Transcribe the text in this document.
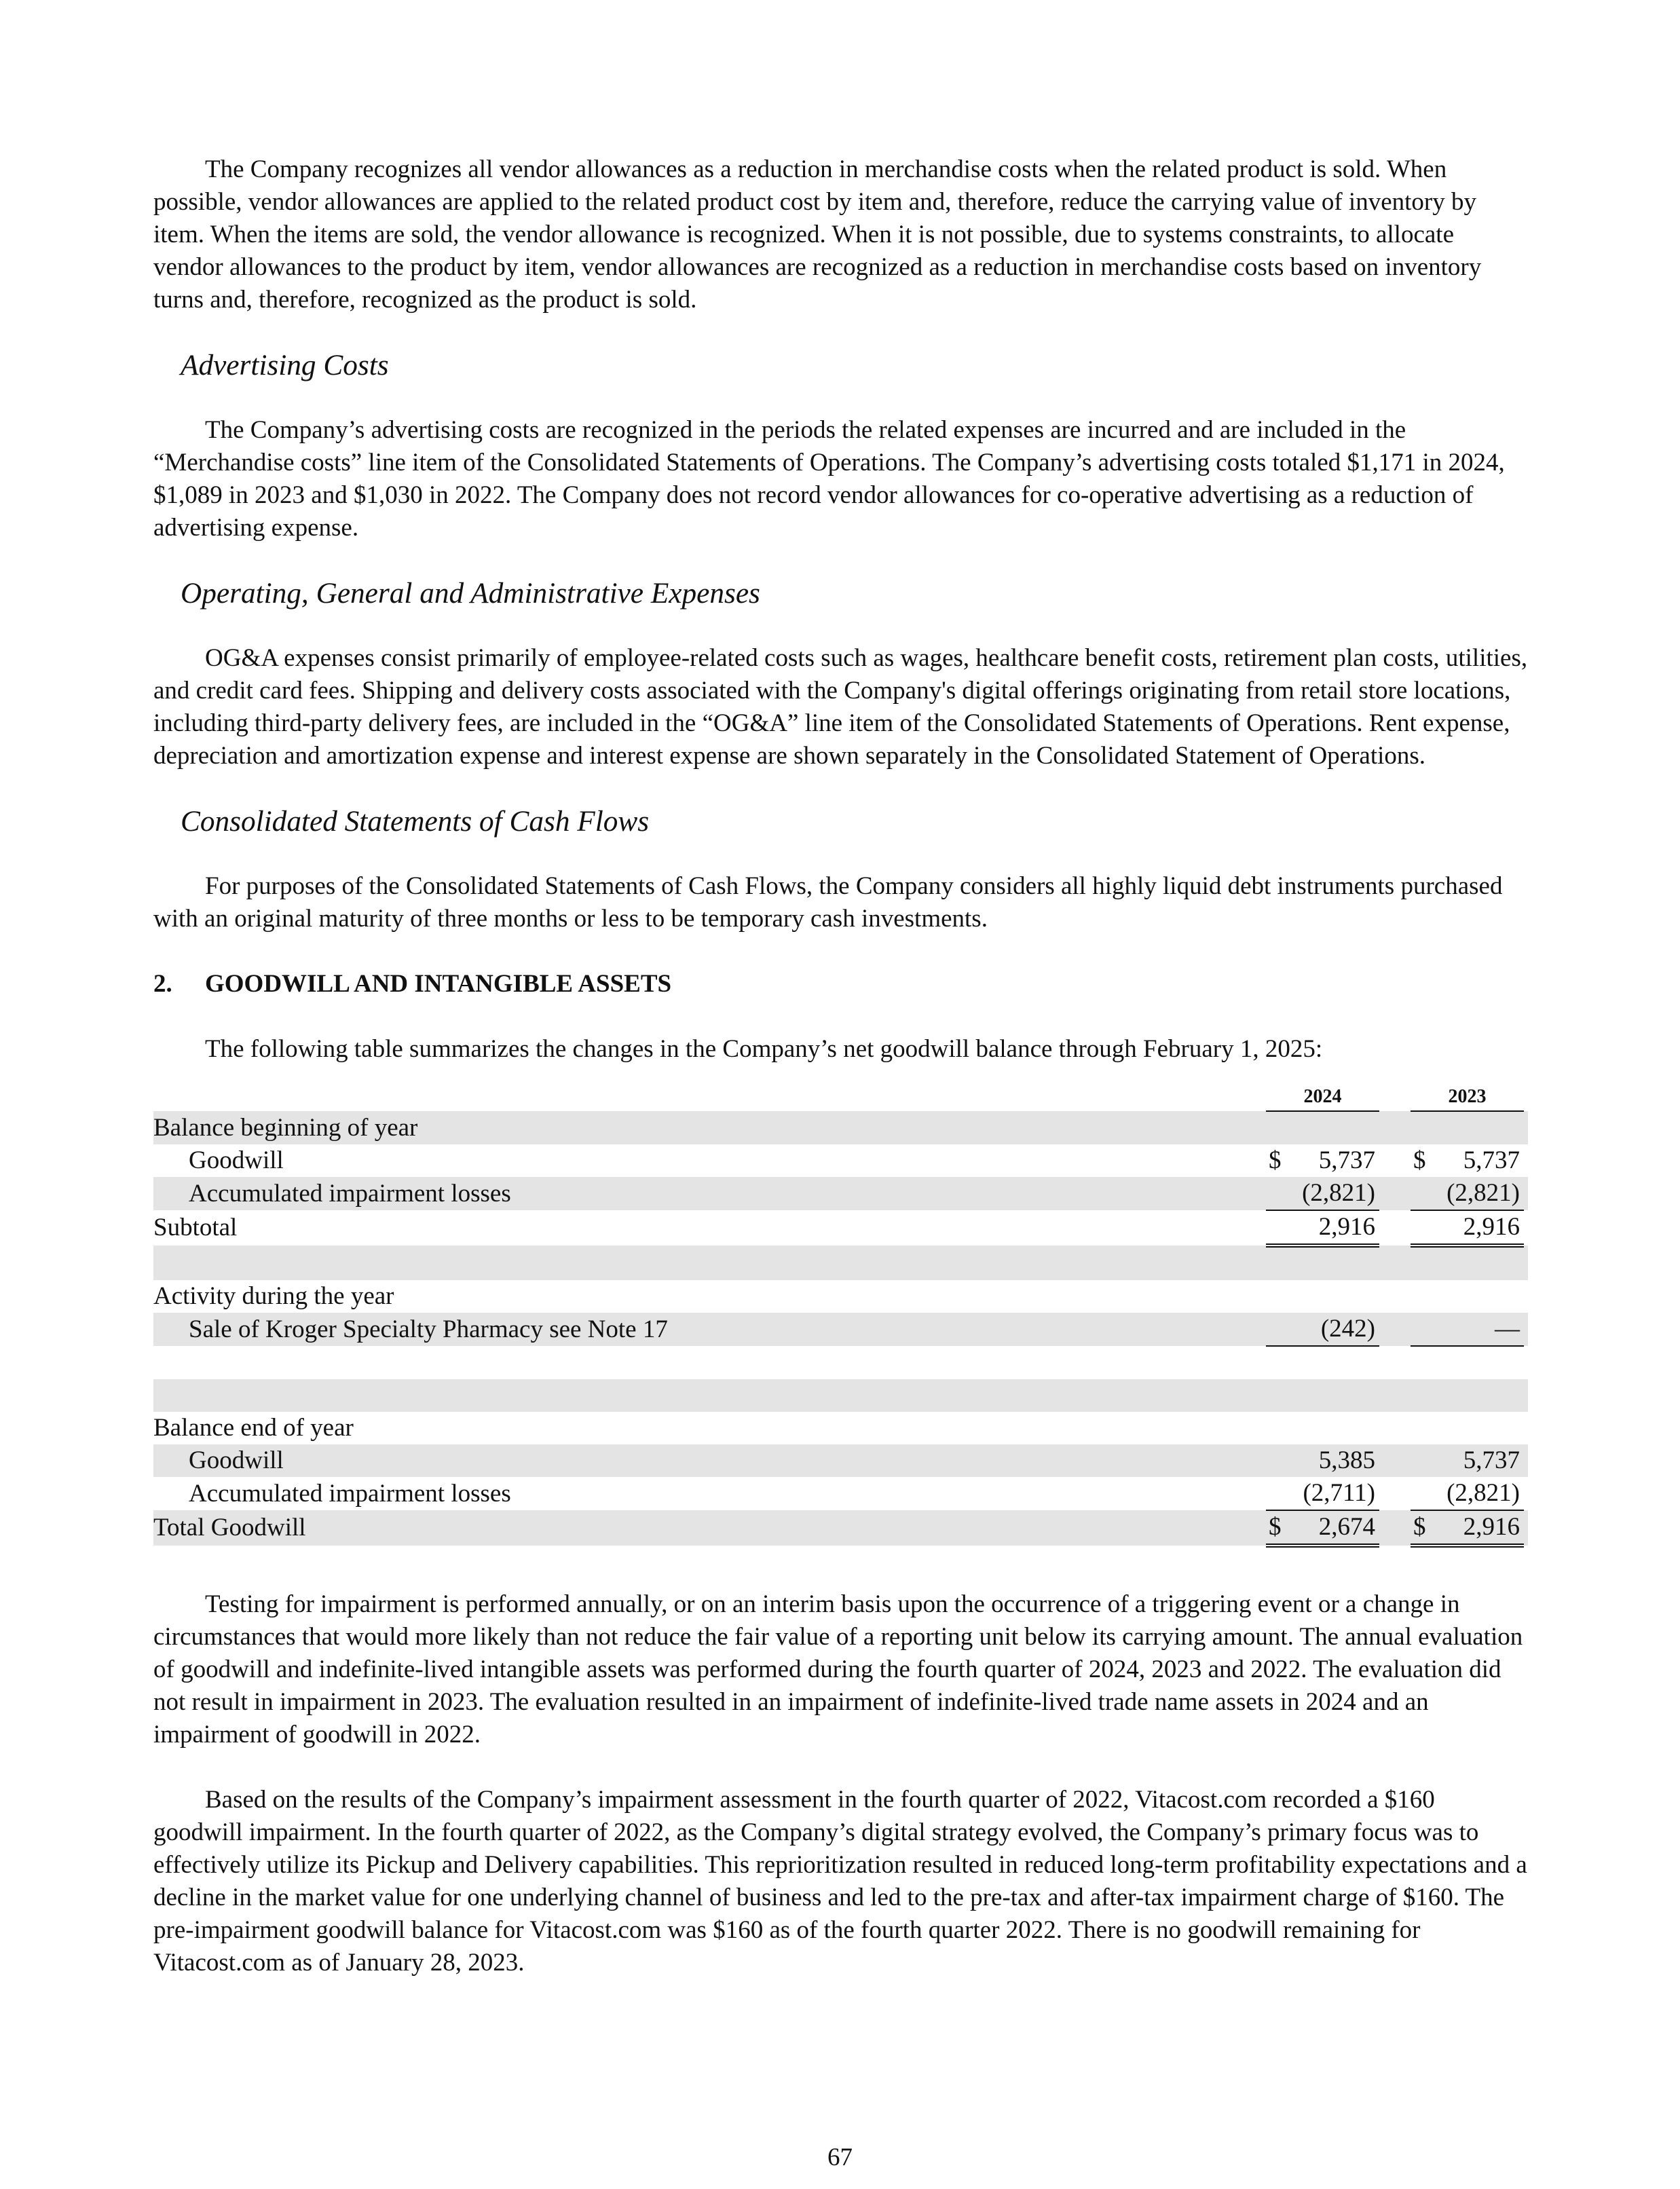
The Company recognizes all vendor allowances as a reduction in merchandise costs when the related product is sold. When possible, vendor allowances are applied to the related product cost by item and, therefore, reduce the carrying value of inventory by item. When the items are sold, the vendor allowance is recognized. When it is not possible, due to systems constraints, to allocate vendor allowances to the product by item, vendor allowances are recognized as a reduction in merchandise costs based on inventory turns and, therefore, recognized as the product is sold.

Advertising Costs

The Company’s advertising costs are recognized in the periods the related expenses are incurred and are included in the “Merchandise costs” line item of the Consolidated Statements of Operations. The Company’s advertising costs totaled $1,171 in 2024, $1,089 in 2023 and $1,030 in 2022. The Company does not record vendor allowances for co-operative advertising as a reduction of advertising expense.

Operating, General and Administrative Expenses

OG&A expenses consist primarily of employee-related costs such as wages, healthcare benefit costs, retirement plan costs, utilities, and credit card fees. Shipping and delivery costs associated with the Company's digital offerings originating from retail store locations, including third-party delivery fees, are included in the “OG&A” line item of the Consolidated Statements of Operations. Rent expense, depreciation and amortization expense and interest expense are shown separately in the Consolidated Statement of Operations.

Consolidated Statements of Cash Flows

For purposes of the Consolidated Statements of Cash Flows, the Company considers all highly liquid debt instruments purchased with an original maturity of three months or less to be temporary cash investments.

2. GOODWILL AND INTANGIBLE ASSETS

The following table summarizes the changes in the Company’s net goodwill balance through February 1, 2025:

		2024		2023	
Balance beginning of year					
Goodwill		$ 5,737		$ 5,737	
Accumulated impairment losses		(2,821)		(2,821)	
Subtotal		2,916		2,916	

Activity during the year					
Sale of Kroger Specialty Pharmacy see Note 17		(242)		—	

Balance end of year					
Goodwill		5,385		5,737	
Accumulated impairment losses		(2,711)		(2,821)	
Total Goodwill		$ 2,674		$ 2,916	

Testing for impairment is performed annually, or on an interim basis upon the occurrence of a triggering event or a change in circumstances that would more likely than not reduce the fair value of a reporting unit below its carrying amount. The annual evaluation of goodwill and indefinite-lived intangible assets was performed during the fourth quarter of 2024, 2023 and 2022. The evaluation did not result in impairment in 2023. The evaluation resulted in an impairment of indefinite-lived trade name assets in 2024 and an impairment of goodwill in 2022.

Based on the results of the Company’s impairment assessment in the fourth quarter of 2022, Vitacost.com recorded a $160 goodwill impairment. In the fourth quarter of 2022, as the Company’s digital strategy evolved, the Company’s primary focus was to effectively utilize its Pickup and Delivery capabilities. This reprioritization resulted in reduced long-term profitability expectations and a decline in the market value for one underlying channel of business and led to the pre-tax and after-tax impairment charge of $160. The pre-impairment goodwill balance for Vitacost.com was $160 as of the fourth quarter 2022. There is no goodwill remaining for Vitacost.com as of January 28, 2023.

67
